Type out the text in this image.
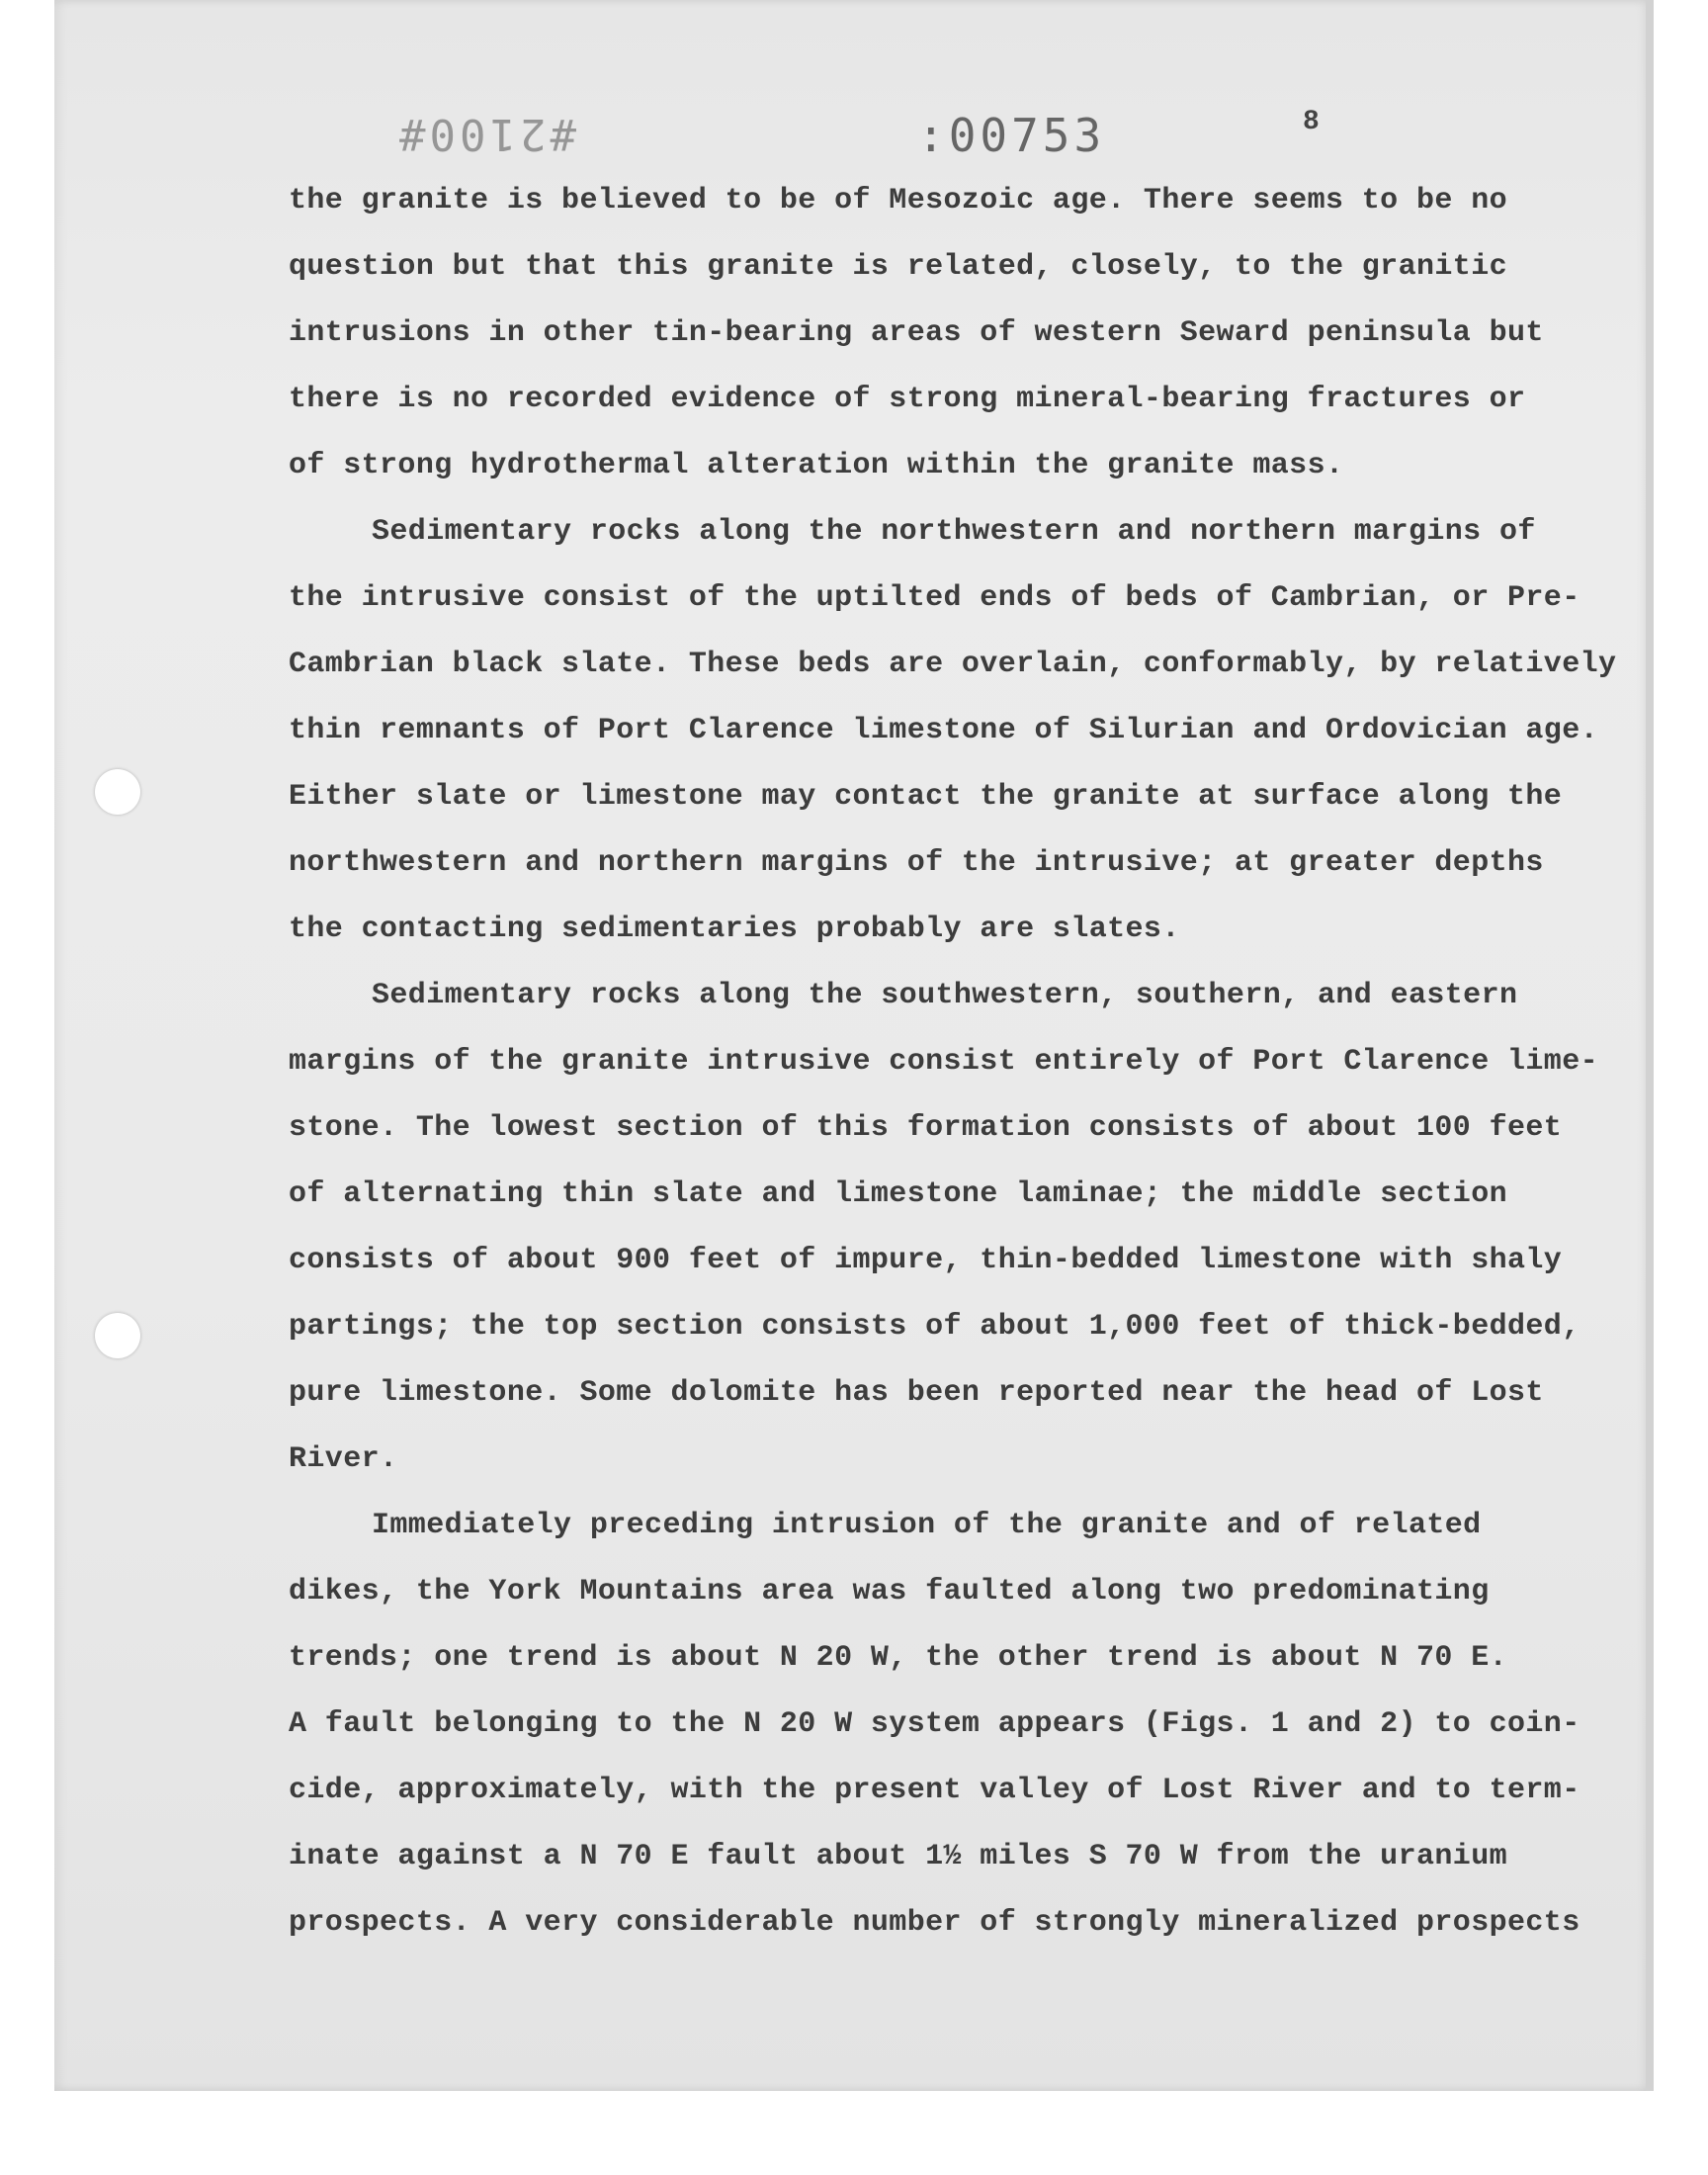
#2100#	:00753	8

the granite is believed to be of Mesozoic age. There seems to be no
question but that this granite is related, closely, to the granitic
intrusions in other tin-bearing areas of western Seward peninsula but
there is no recorded evidence of strong mineral-bearing fractures or
of strong hydrothermal alteration within the granite mass.

Sedimentary rocks along the northwestern and northern margins of
the intrusive consist of the uptilted ends of beds of Cambrian, or Pre-
Cambrian black slate. These beds are overlain, conformably, by relatively
thin remnants of Port Clarence limestone of Silurian and Ordovician age.
Either slate or limestone may contact the granite at surface along the
northwestern and northern margins of the intrusive; at greater depths
the contacting sedimentaries probably are slates.

Sedimentary rocks along the southwestern, southern, and eastern
margins of the granite intrusive consist entirely of Port Clarence lime-
stone. The lowest section of this formation consists of about 100 feet
of alternating thin slate and limestone laminae; the middle section
consists of about 900 feet of impure, thin-bedded limestone with shaly
partings; the top section consists of about 1,000 feet of thick-bedded,
pure limestone. Some dolomite has been reported near the head of Lost
River.

Immediately preceding intrusion of the granite and of related
dikes, the York Mountains area was faulted along two predominating
trends; one trend is about N 20 W, the other trend is about N 70 E.
A fault belonging to the N 20 W system appears (Figs. 1 and 2) to coin-
cide, approximately, with the present valley of Lost River and to term-
inate against a N 70 E fault about 1½ miles S 70 W from the uranium
prospects. A very considerable number of strongly mineralized prospects
